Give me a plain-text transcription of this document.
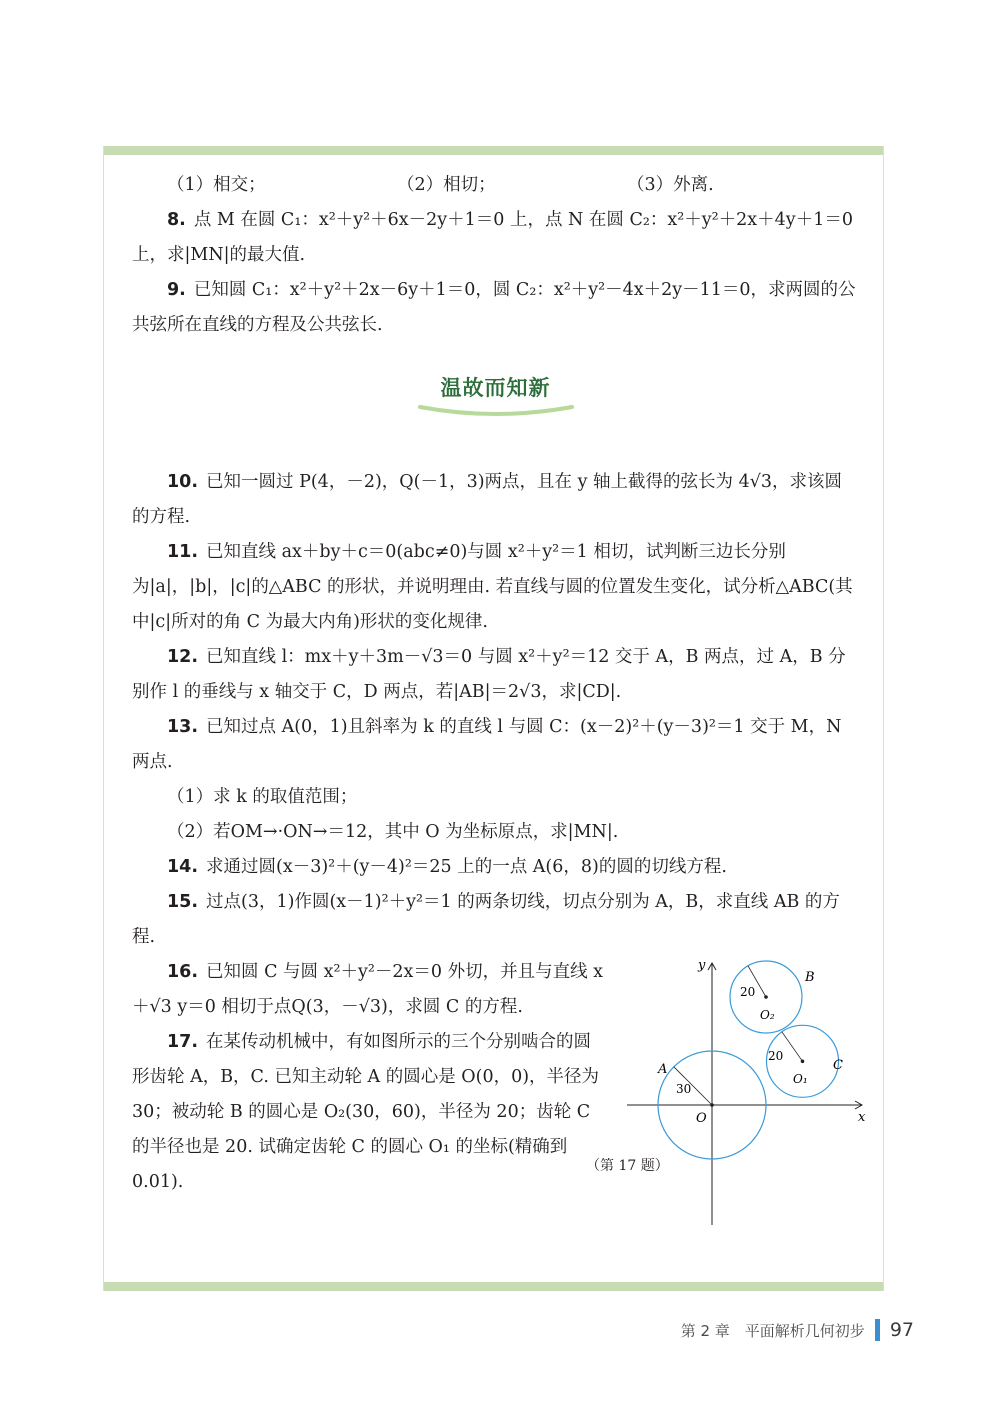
（1）相交；	（2）相切；	（3）外离.

8. 点 M 在圆 C₁：x²＋y²＋6x－2y＋1＝0 上，点 N 在圆 C₂：x²＋y²＋2x＋4y＋1＝0 上，求|MN|的最大值.

9. 已知圆 C₁：x²＋y²＋2x－6y＋1＝0，圆 C₂：x²＋y²－4x＋2y－11＝0，求两圆的公共弦所在直线的方程及公共弦长.

温故而知新

10. 已知一圆过 P(4，－2)，Q(－1，3)两点，且在 y 轴上截得的弦长为 4√3，求该圆的方程.

11. 已知直线 ax＋by＋c＝0(abc≠0)与圆 x²＋y²＝1 相切，试判断三边长分别为|a|，|b|，|c|的△ABC 的形状，并说明理由. 若直线与圆的位置发生变化，试分析△ABC(其中|c|所对的角 C 为最大内角)形状的变化规律.

12. 已知直线 l：mx＋y＋3m－√3＝0 与圆 x²＋y²＝12 交于 A，B 两点，过 A，B 分别作 l 的垂线与 x 轴交于 C，D 两点，若|AB|＝2√3，求|CD|.

13. 已知过点 A(0，1)且斜率为 k 的直线 l 与圆 C：(x－2)²＋(y－3)²＝1 交于 M，N 两点.

（1）求 k 的取值范围；

（2）若OM→·ON→＝12，其中 O 为坐标原点，求|MN|.

14. 求通过圆(x－3)²＋(y－4)²＝25 上的一点 A(6，8)的圆的切线方程.

15. 过点(3，1)作圆(x－1)²＋y²＝1 的两条切线，切点分别为 A，B，求直线 AB 的方程.

16. 已知圆 C 与圆 x²＋y²－2x＝0 外切，并且与直线 x＋√3 y＝0 相切于点Q(3，－√3)，求圆 C 的方程.

17. 在某传动机械中，有如图所示的三个分别啮合的圆形齿轮 A，B，C. 已知主动轮 A 的圆心是 O(0，0)，半径为 30；被动轮 B 的圆心是 O₂(30，60)，半径为 20；齿轮 C 的半径也是 20. 试确定齿轮 C 的圆心 O₁ 的坐标(精确到 0.01).

x
y
O
A
B
C
O₂
O₁
30
20
20
（第 17 题）
第 2 章　平面解析几何初步 97
